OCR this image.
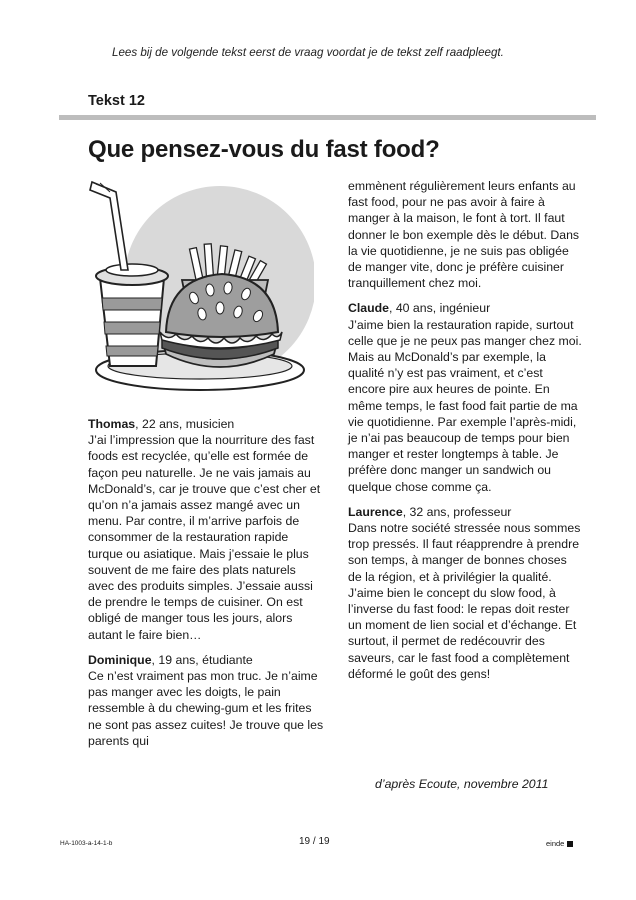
Lees bij de volgende tekst eerst de vraag voordat je de tekst zelf raadpleegt.
Tekst 12
Que pensez-vous du fast food?

Thomas, 22 ans, musicien
J’ai l’impression que la nourriture des fast foods est recyclée, qu’elle est formée de façon peu naturelle. Je ne vais jamais au McDonald’s, car je trouve que c’est cher et qu’on n’a jamais assez mangé avec un menu. Par contre, il m’arrive parfois de consommer de la restauration rapide turque ou asiatique. Mais j’essaie le plus souvent de me faire des plats naturels avec des produits simples. J’essaie aussi de prendre le temps de cuisiner. On est obligé de manger tous les jours, alors autant le faire bien…

Dominique, 19 ans, étudiante
Ce n’est vraiment pas mon truc. Je n’aime pas manger avec les doigts, le pain ressemble à du chewing-gum et les frites ne sont pas assez cuites! Je trouve que les parents qui

emmènent régulièrement leurs enfants au fast food, pour ne pas avoir à faire à manger à la maison, le font à tort. Il faut donner le bon exemple dès le début. Dans la vie quotidienne, je ne suis pas obligée de manger vite, donc je préfère cuisiner tranquillement chez moi.

Claude, 40 ans, ingénieur
J’aime bien la restauration rapide, surtout celle que je ne peux pas manger chez moi. Mais au McDonald’s par exemple, la qualité n’y est pas vraiment, et c’est encore pire aux heures de pointe. En même temps, le fast food fait partie de ma vie quotidienne. Par exemple l’après-midi, je n’ai pas beaucoup de temps pour bien manger et rester longtemps à table. Je préfère donc manger un sandwich ou quelque chose comme ça.

Laurence, 32 ans, professeur
Dans notre société stressée nous sommes trop pressés. Il faut réapprendre à prendre son temps, à manger de bonnes choses de la région, et à privilégier la qualité. J’aime bien le concept du slow food, à l’inverse du fast food: le repas doit rester un moment de lien social et d’échange. Et surtout, il permet de redécouvrir des saveurs, car le fast food a complètement déformé le goût des gens!

d’après Ecoute, novembre 2011
HA-1003-a-14-1-b	19 / 19	einde
